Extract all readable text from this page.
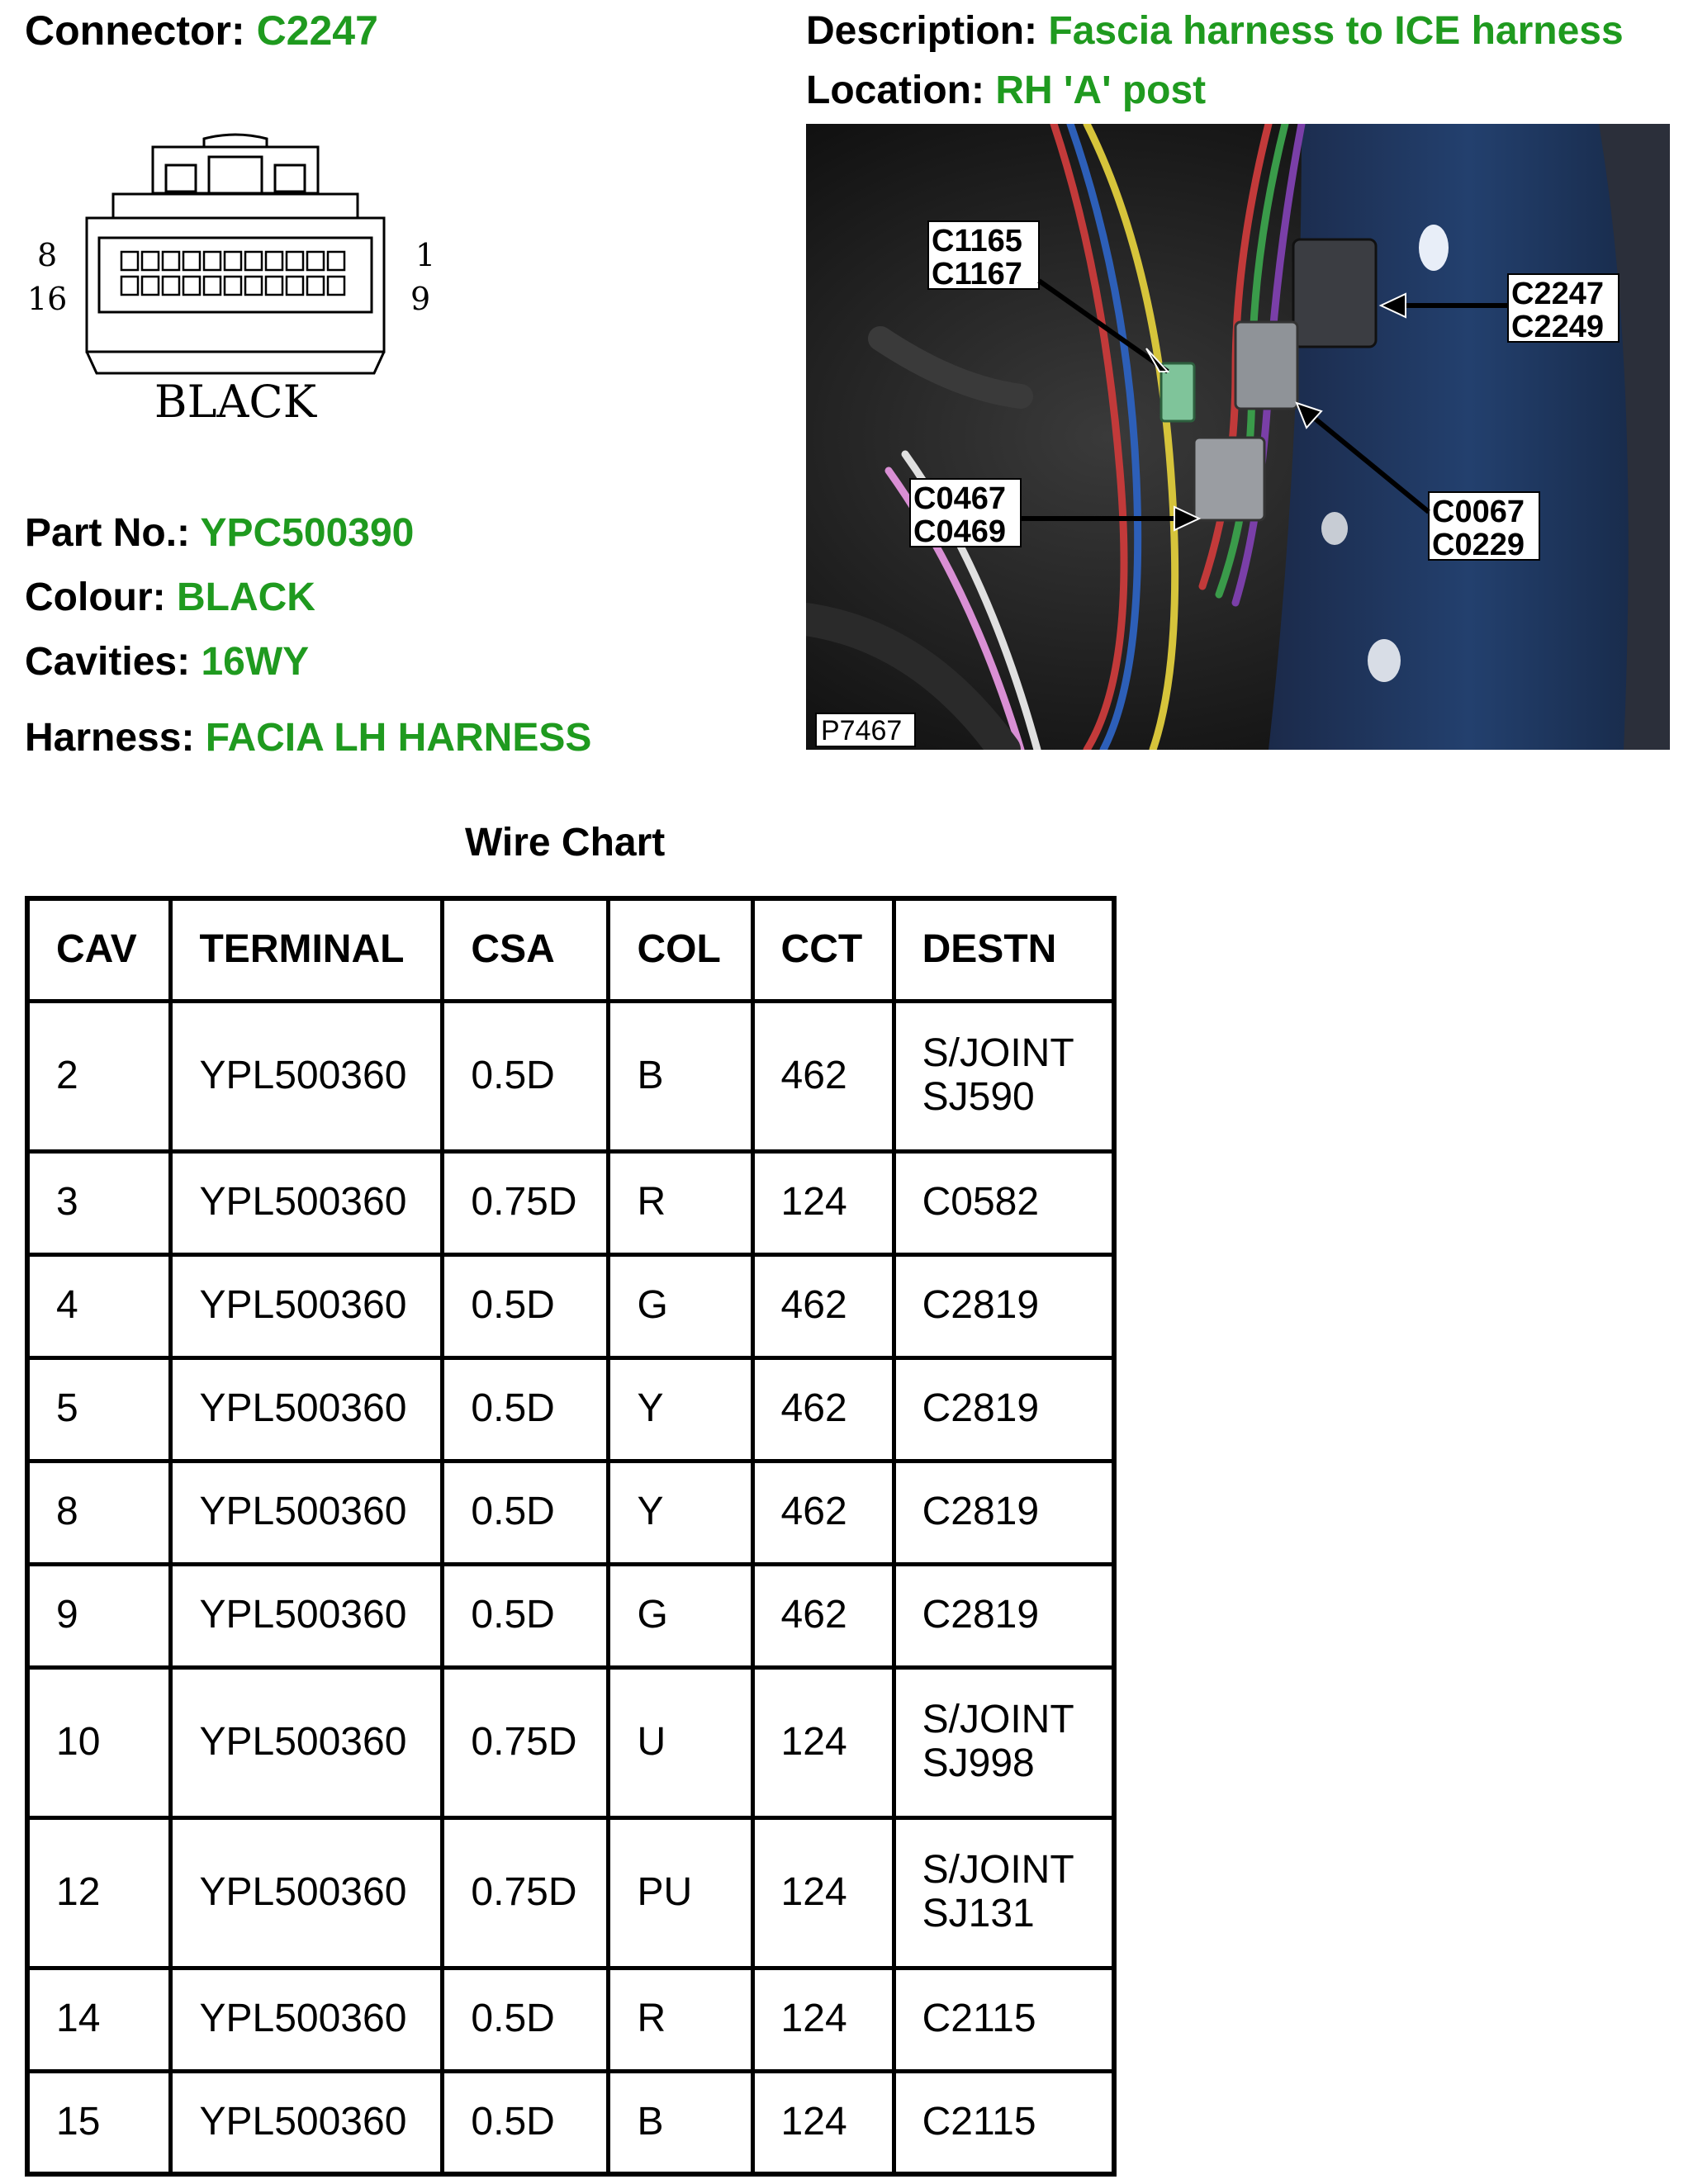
Connector: C2247	Description: Fascia harness to ICE harness
Location: RH 'A' post
8
16
1
9
BLACK
Part No.: YPC500390
Colour: BLACK
Cavities: 16WY
Harness: FACIA LH HARNESS
C1165
C1167
C2247
C2249
C0467
C0469
C0067
C0229
P7467
Wire Chart
CAV	TERMINAL	CSA	COL	CCT	DESTN
2	YPL500360	0.5D	B	462	S/JOINT
SJ590
3	YPL500360	0.75D	R	124	C0582
4	YPL500360	0.5D	G	462	C2819
5	YPL500360	0.5D	Y	462	C2819
8	YPL500360	0.5D	Y	462	C2819
9	YPL500360	0.5D	G	462	C2819
10	YPL500360	0.75D	U	124	S/JOINT
SJ998
12	YPL500360	0.75D	PU	124	S/JOINT
SJ131
14	YPL500360	0.5D	R	124	C2115
15	YPL500360	0.5D	B	124	C2115
